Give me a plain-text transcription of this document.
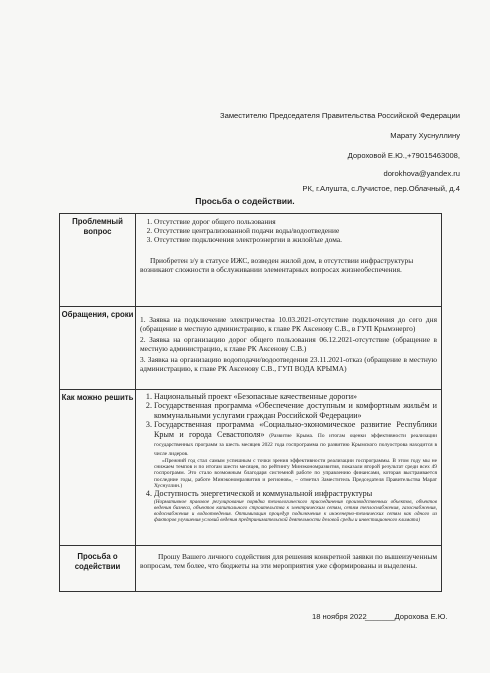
Заместителю Председателя Правительства Российской Федерации
Марату Хуснуллину
Дороховой Е.Ю.,+79015463008,
dorokhova@yandex.ru
РК, г.Алушта, с.Лучистое, пер.Облачный, д.4
Просьба о содействии.
Проблемный вопрос
1. Отсутствие дорог общего пользования
2. Отсутствие централизованной подачи воды/водоотведение
3. Отсутствие подключения электроэнергии в жилой/ые дома.
Приобретен з/у в статусе ИЖС, возведен жилой дом, в отсутствии инфраструктуры возникают сложности в обслуживании элементарных вопросах жизнеобеспечения.
Обращения, сроки
1. Заявка на подключение электричества 10.03.2021-отсутствие подключения до сего дня (обращение в местную администрацию, к главе РК Аксенову С.В., в ГУП Крымэнерго)
2. Заявка на организацию дорог общего пользования 06.12.2021-отсутствие (обращение в местную администрацию, к главе РК Аксенову С.В.)
3. Заявка на организацию водоподачи/водоотведения 23.11.2021-отказ (обращение в местную администрацию, к главе РК Аксенову С.В., ГУП ВОДА КРЫМА)
Как можно решить
1.	Национальный проект «Безопасные качественные дороги»
2. Государственная программа «Обеспечение доступным и комфортным жильём и коммунальными услугами граждан Российской Федерации»
3. Государственная программа «Социально-экономическое развитие Республики Крым и города Севастополя» (Развитие Крыма. По итогам оценки эффективности реализации государственных программ за шесть месяцев 2022 года госпрограмма по развитию Крымского полуострова находится в числе лидеров.
«Прежний год стал самым успешным с точки зрения эффективности реализации госпрограммы. В этом году мы не снижаем темпов и по итогам шести месяцев, по рейтингу Минэкономразвития, показали второй результат среди всех 49 госпрограмм. Это стало возможным благодаря системной работе по управлению финансами, которая выстраивается последние годы, работе Минэкономразвития и регионов», – отметил Заместитель Председателя Правительства Марат Хуснуллин.)
4. Доступность энергетической и коммунальной инфраструктуры
(Нормативное правовое регулирование порядка технологического присоединения производственных объектов, объектов ведения бизнеса, объектов капитального строительства к электрическим сетям, сетям теплоснабжения, газоснабжения, водоснабжения и водоотведения. Оптимизация процедур подключения к инженерно-технических сетям как одного из факторов улучшения условий ведения предпринимательской деятельности деловой среды и инвестиционного климата)
Просьба о содействии
Прошу Вашего личного содействия для решения конкретной заявки по вышеизученным вопросам, тем более, что бюджеты на эти мероприятия уже сформированы и выделены.
18 ноября 2022
_______Дорохова Е.Ю.
